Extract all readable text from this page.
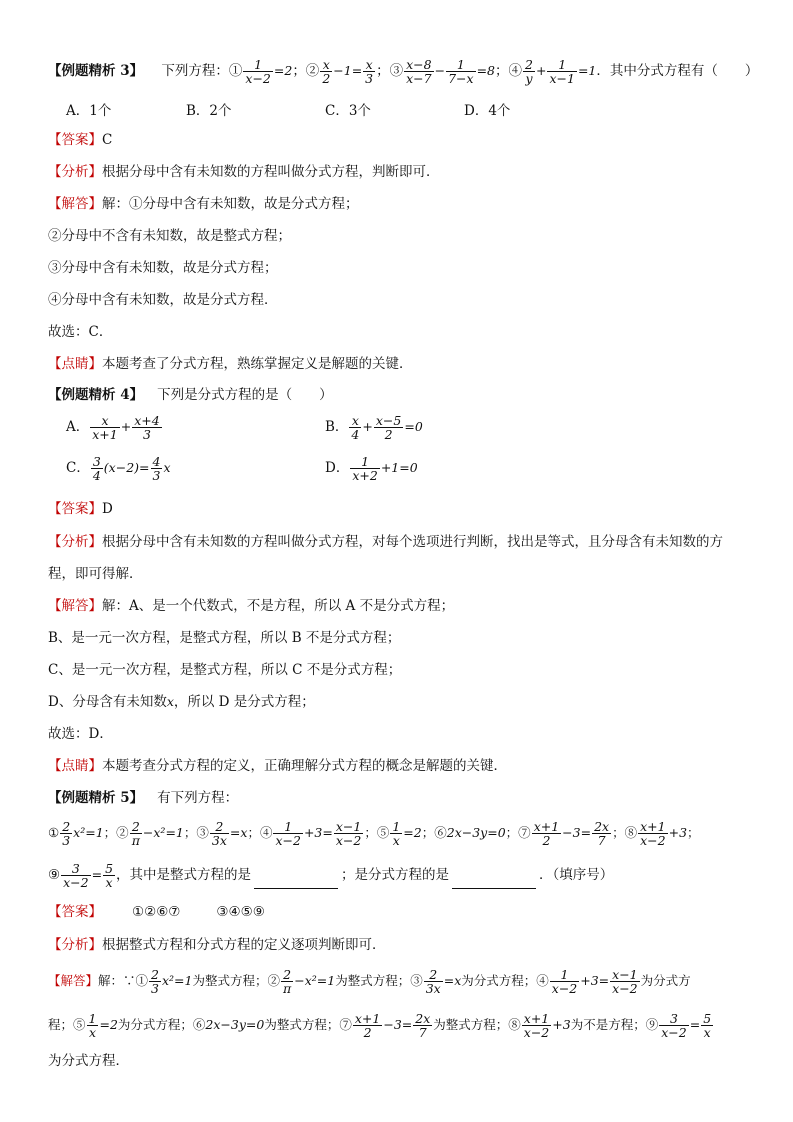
【例题精析 3】 下列方程：① $\frac{1}{x-2} =2$；② $\frac{x}{2} -1= \frac{x}{3}$ ；③ $\frac{x-8}{x-7} - \frac{1}{7-x} =8$；④ $\frac{2}{y} + \frac{1}{x-1} =1$．其中分式方程有（　　）
A．1个	B．2个	C．3个	D．4个
【答案】C
【分析】根据分母中含有未知数的方程叫做分式方程，判断即可．
【解答】解：①分母中含有未知数，故是分式方程；
②分母中不含有未知数，故是整式方程；
③分母中含有未知数，故是分式方程；
④分母中含有未知数，故是分式方程．
故选：C．
【点睛】本题考查了分式方程，熟练掌握定义是解题的关键．
【例题精析 4】 下列是分式方程的是（　　）
A． $\frac{x}{x+1} + \frac{x+4}{3}$	B． $\frac{x}{4} + \frac{x-5}{2} =0$
C． $\frac{3}{4} (x-2)= \frac{4}{3}$ x	D． $\frac{1}{x+2} +1=0$
【答案】D
【分析】根据分母中含有未知数的方程叫做分式方程，对每个选项进行判断，找出是等式，且分母含有未知数的方
程，即可得解．
【解答】解：A、是一个代数式，不是方程，所以 A 不是分式方程；
B、是一元一次方程，是整式方程，所以 B 不是分式方程；
C、是一元一次方程，是整式方程，所以 C 不是分式方程；
D、分母含有未知数x，所以 D 是分式方程；
故选：D．
【点睛】本题考查分式方程的定义，正确理解分式方程的概念是解题的关键．
【例题精析 5】 有下列方程：
① $\frac{2}{3} x^2=1$；② $\frac{2}{\pi} -x^2=1$；③ $\frac{2}{3x} =x$；④ $\frac{1}{x-2} +3= \frac{x-1}{x-2}$ ；⑤ $\frac{1}{x} =2$；⑥2x−3y=0；⑦ $\frac{x+1}{2} -3= \frac{2x}{7}$ ；⑧ $\frac{x+1}{x-2} +3$；
⑨ $\frac{3}{x-2} = \frac{5}{x}$ ，其中是整式方程的是	；是分式方程的是	．（填序号）
【答案】 ①②⑥⑦	③④⑤⑨
【分析】根据整式方程和分式方程的定义逐项判断即可．
【解答】解：∵① $\frac{2}{3} x^2=1$为整式方程；② $\frac{2}{\pi} -x^2=1$为整式方程；③ $\frac{2}{3x} =x$为分式方程；④ $\frac{1}{x-2} +3= \frac{x-1}{x-2}$ 为分式方
程；⑤ $\frac{1}{x} =2$为分式方程；⑥2x−3y=0为整式方程；⑦ $\frac{x+1}{2} -3= \frac{2x}{7}$ 为整式方程；⑧ $\frac{x+1}{x-2} +3$为不是方程；⑨ $\frac{3}{x-2} = \frac{5}{x}$
为分式方程．
